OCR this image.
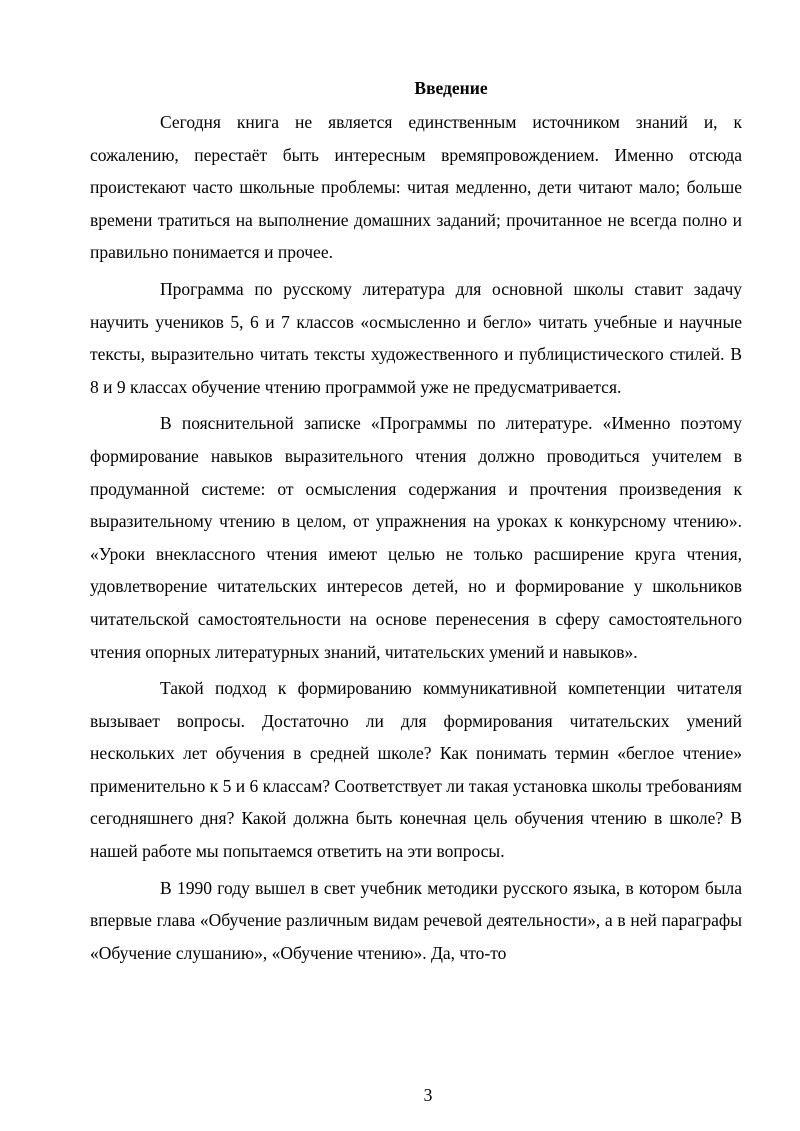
Введение

Сегодня книга не является единственным источником знаний и, к сожалению, перестаёт быть интересным времяпровождением. Именно отсюда проистекают часто школьные проблемы: читая медленно, дети читают мало; больше времени тратиться на выполнение домашних заданий; прочитанное не всегда полно и правильно понимается и прочее.

Программа по русскому литература для основной школы ставит задачу научить учеников 5, 6 и 7 классов «осмысленно и бегло» читать учебные и научные тексты, выразительно читать тексты художественного и публицистического стилей. В 8 и 9 классах обучение чтению программой уже не предусматривается.

В пояснительной записке «Программы по литературе. «Именно поэтому формирование навыков выразительного чтения должно проводиться учителем в продуманной системе: от осмысления содержания и прочтения произведения к выразительному чтению в целом, от упражнения на уроках к конкурсному чтению». «Уроки внеклассного чтения имеют целью не только расширение круга чтения, удовлетворение читательских интересов детей, но и формирование у школьников читательской самостоятельности на основе перенесения в сферу самостоятельного чтения опорных литературных знаний, читательских умений и навыков».

Такой подход к формированию коммуникативной компетенции читателя вызывает вопросы. Достаточно ли для формирования читательских умений нескольких лет обучения в средней школе? Как понимать термин «беглое чтение» применительно к 5 и 6 классам? Соответствует ли такая установка школы требованиям сегодняшнего дня? Какой должна быть конечная цель обучения чтению в школе? В нашей работе мы попытаемся ответить на эти вопросы.

В 1990 году вышел в свет учебник методики русского языка, в котором была впервые глава «Обучение различным видам речевой деятельности», а в ней параграфы «Обучение слушанию», «Обучение чтению». Да, что-то

3
